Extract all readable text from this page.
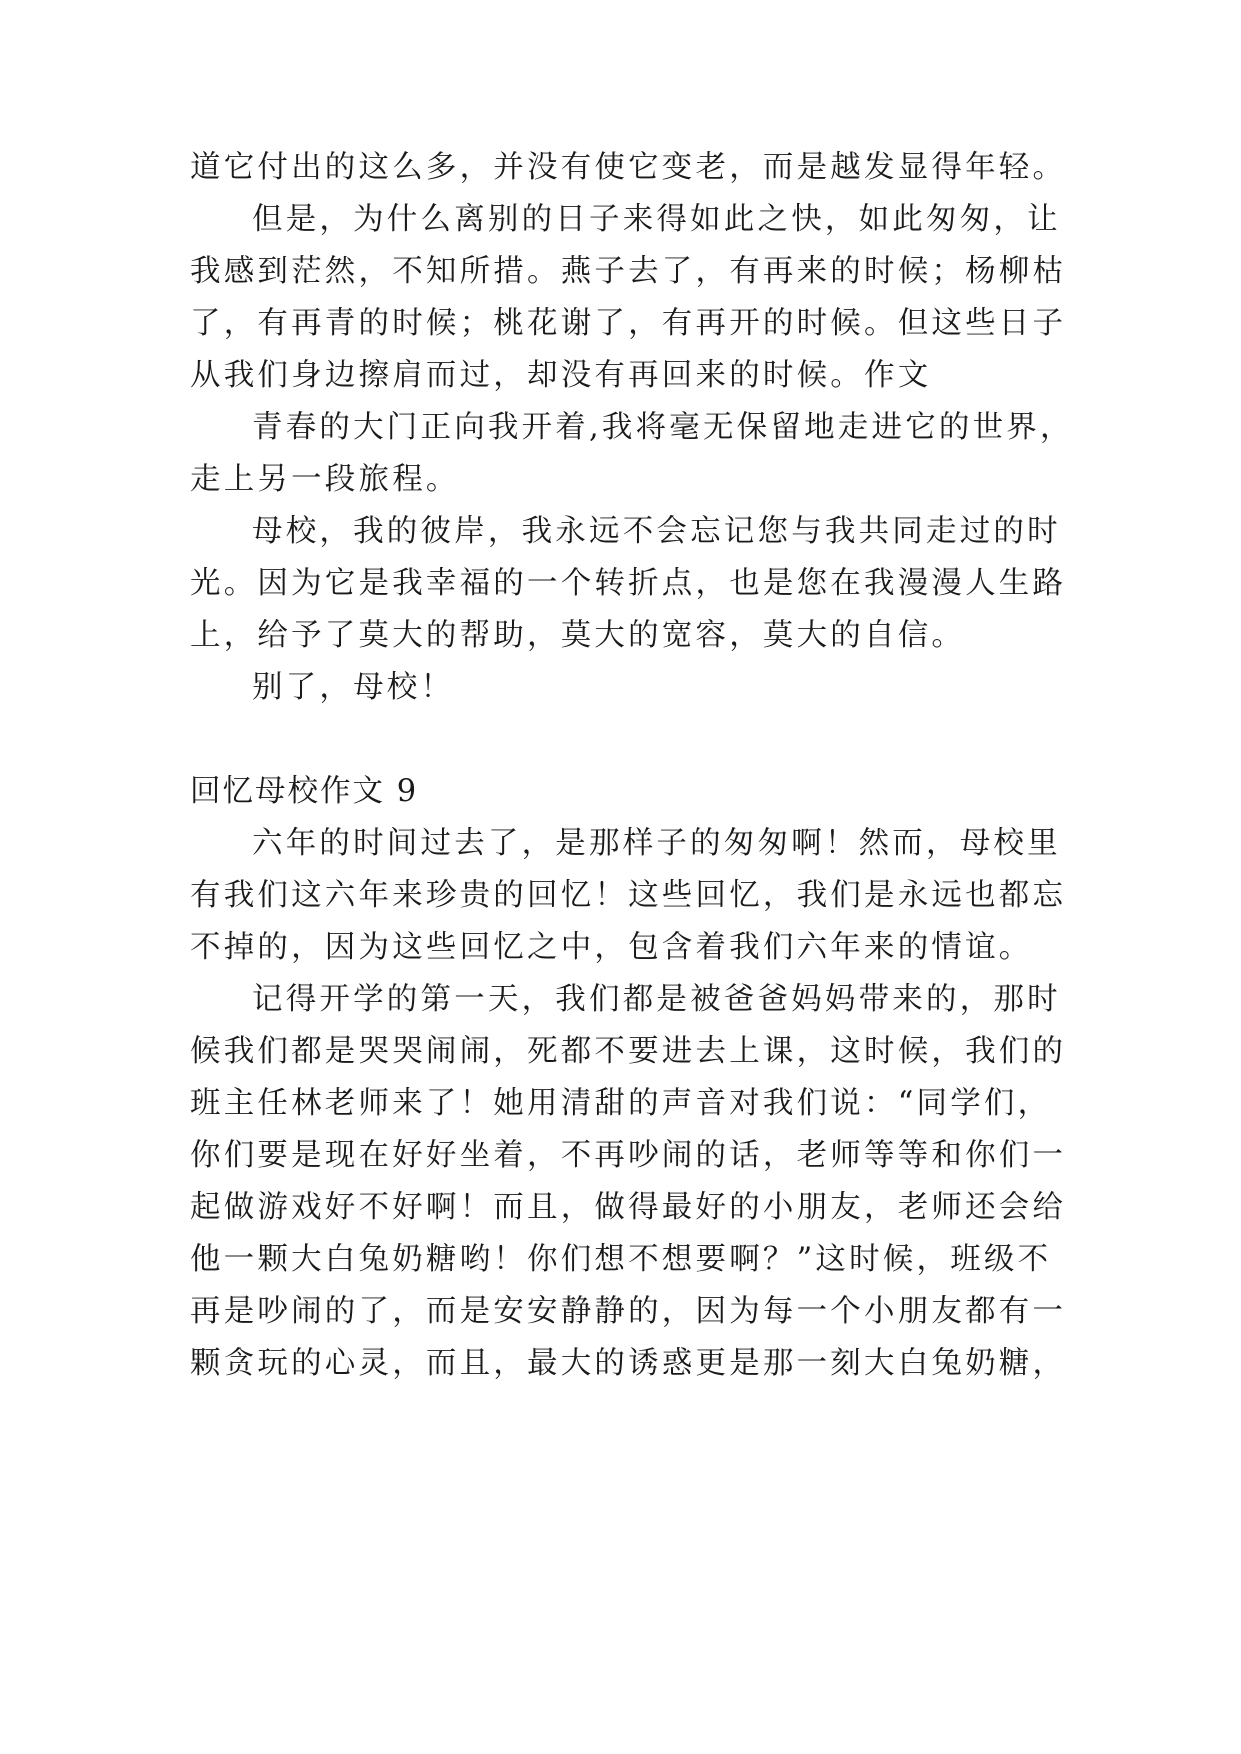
道它付出的这么多，并没有使它变老，而是越发显得年轻。
但是，为什么离别的日子来得如此之快，如此匆匆，让
我感到茫然，不知所措。燕子去了，有再来的时候；杨柳枯
了，有再青的时候；桃花谢了，有再开的时候。但这些日子
从我们身边擦肩而过，却没有再回来的时候。作文
青春的大门正向我开着,我将毫无保留地走进它的世界，
走上另一段旅程。
母校，我的彼岸，我永远不会忘记您与我共同走过的时
光。因为它是我幸福的一个转折点，也是您在我漫漫人生路
上，给予了莫大的帮助，莫大的宽容，莫大的自信。
别了，母校！
回忆母校作文 9
六年的时间过去了，是那样子的匆匆啊！然而，母校里
有我们这六年来珍贵的回忆！这些回忆，我们是永远也都忘
不掉的，因为这些回忆之中，包含着我们六年来的情谊。
记得开学的第一天，我们都是被爸爸妈妈带来的，那时
候我们都是哭哭闹闹，死都不要进去上课，这时候，我们的
班主任林老师来了！她用清甜的声音对我们说：“同学们，
你们要是现在好好坐着，不再吵闹的话，老师等等和你们一
起做游戏好不好啊！而且，做得最好的小朋友，老师还会给
他一颗大白兔奶糖哟！你们想不想要啊？”这时候，班级不
再是吵闹的了，而是安安静静的，因为每一个小朋友都有一
颗贪玩的心灵，而且，最大的诱惑更是那一刻大白兔奶糖，
